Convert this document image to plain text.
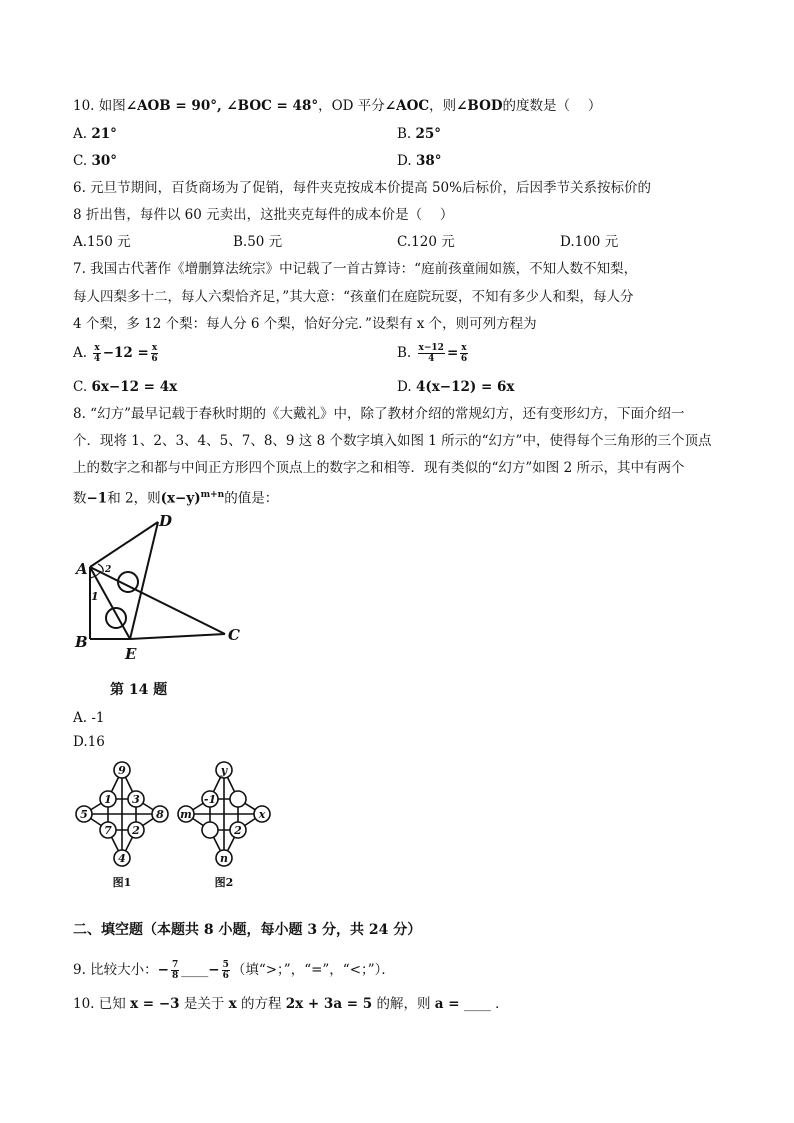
10. 如图∠AOB = 90°, ∠BOC = 48°，OD 平分∠AOC，则∠BOD的度数是（　 ）
A. 21°	B. 25°
C. 30°	D. 38°
6. 元旦节期间，百货商场为了促销，每件夹克按成本价提高 50%后标价，后因季节关系按标价的
8 折出售，每件以 60 元卖出，这批夹克每件的成本价是（　 ）
A.150 元	B.50 元	C.120 元	D.100 元
7. 我国古代著作《增删算法统宗》中记载了一首古算诗：“庭前孩童闹如簇，不知人数不知梨，
每人四梨多十二，每人六梨恰齐足，”其大意：“孩童们在庭院玩耍，不知有多少人和梨，每人分
4 个梨，多 12 个梨：每人分 6 个梨，恰好分完．”设梨有 x 个，则可列方程为
A. $\frac{x}{4} -12 = \frac{x}{6}$	B. $\frac{x-12}{4} = \frac{x}{6}$
C. 6x−12 = 4x	D. 4(x−12) = 6x
8. “幻方”最早记载于春秋时期的《大戴礼》中，除了教材介绍的常规幻方，还有变形幻方，下面介绍一
个．现将 1、2、3、4、5、7、8、9 这 8 个数字填入如图 1 所示的“幻方”中，使得每个三角形的三个顶点
上的数字之和都与中间正方形四个顶点上的数字之和相等．现有类似的“幻方”如图 2 所示，其中有两个
数−1和 2，则$(x-y)^{m+n}$的值是：
A
B	C
D
E
1
2
第 14 题
A. -1
D.16
9
5	8
4
1 3
7 2
图1
y
m	x
n
-1
2
图2
二、填空题（本题共 8 小题，每小题 3 分，共 24 分）
9. 比较大小：− $\frac{7}{8}$ ____− $\frac{5}{6}$ （填“>；”，“=”，“<；”）．
10. 已知 x = −3 是关于 x 的方程 2x + 3a = 5 的解，则 a = ____ ．
